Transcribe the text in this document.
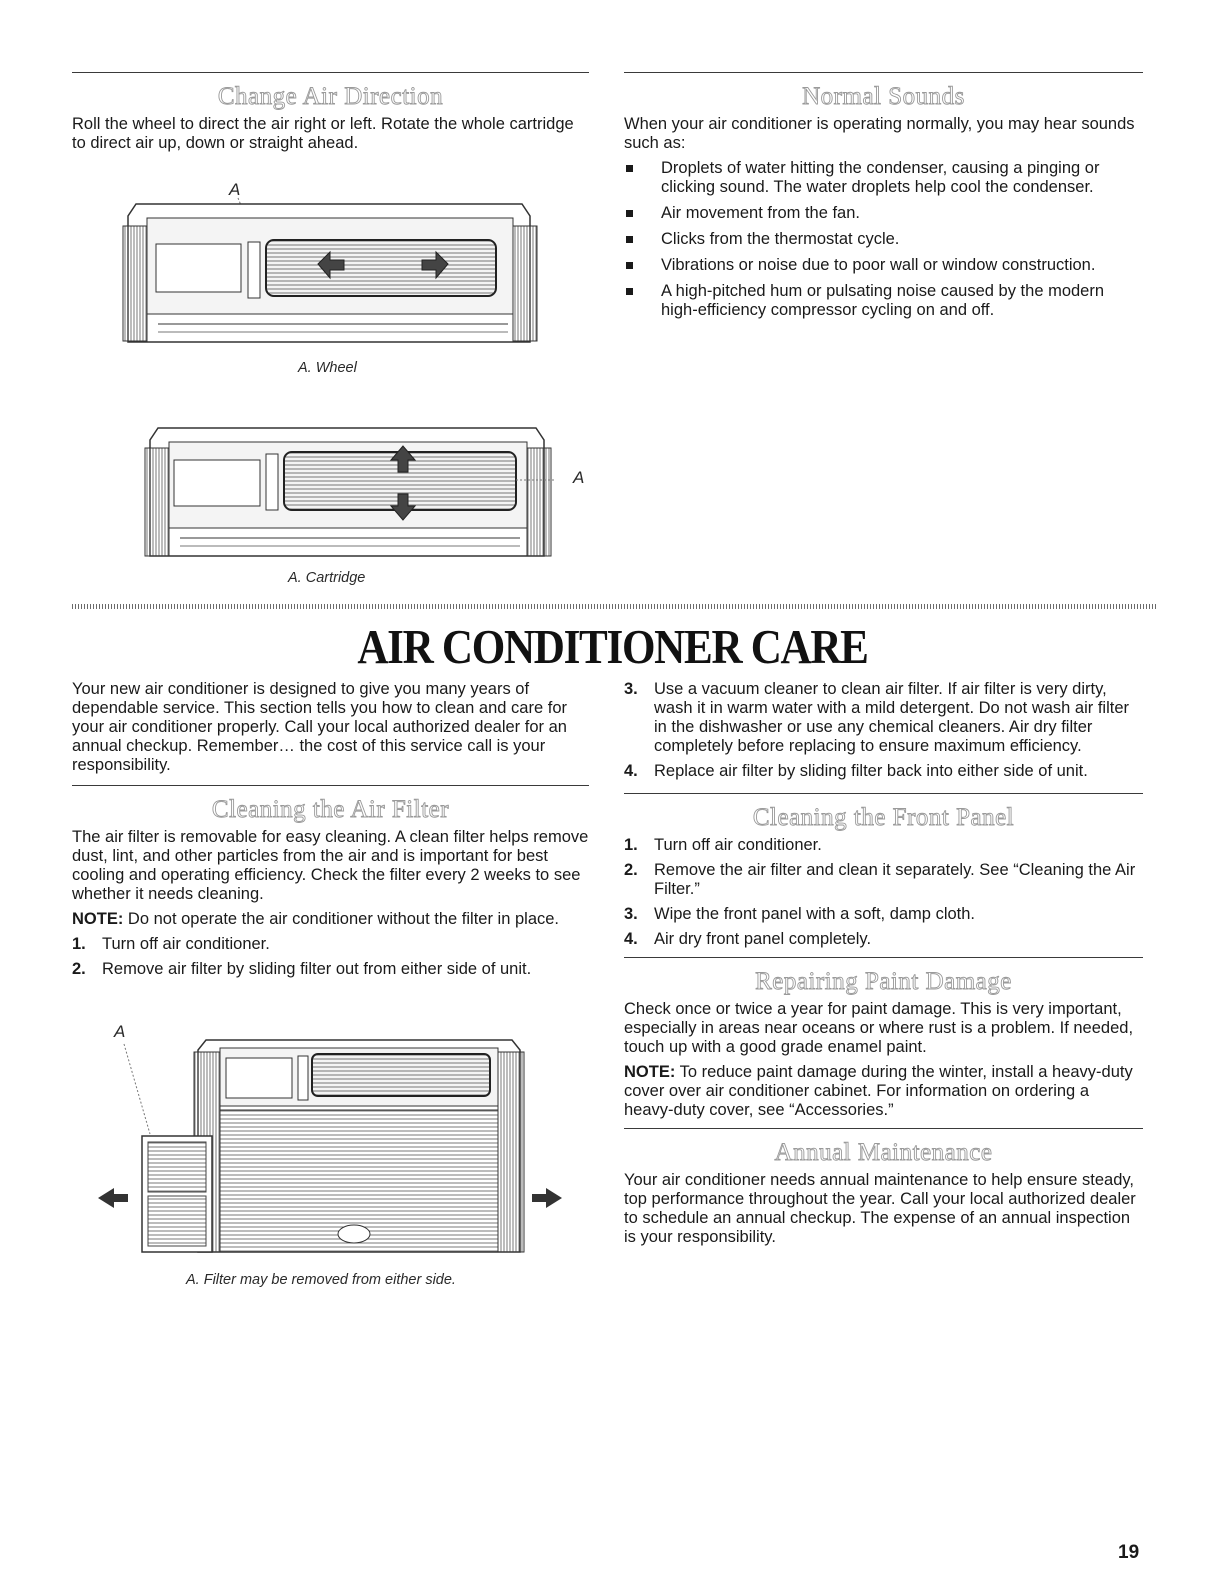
Change Air Direction

Roll the wheel to direct the air right or left. Rotate the whole cartridge to direct air up, down or straight ahead.

A
A. Wheel
A
A. Cartridge
Normal Sounds

When your air conditioner is operating normally, you may hear sounds such as:

Droplets of water hitting the condenser, causing a pinging or clicking sound. The water droplets help cool the condenser.
Air movement from the fan.
Clicks from the thermostat cycle.
Vibrations or noise due to poor wall or window construction.
A high-pitched hum or pulsating noise caused by the modern high-efficiency compressor cycling on and off.
AIR CONDITIONER CARE

Your new air conditioner is designed to give you many years of dependable service. This section tells you how to clean and care for your air conditioner properly. Call your local authorized dealer for an annual checkup. Remember… the cost of this service call is your responsibility.

Cleaning the Air Filter

The air filter is removable for easy cleaning. A clean filter helps remove dust, lint, and other particles from the air and is important for best cooling and operating efficiency. Check the filter every 2 weeks to see whether it needs cleaning.

NOTE: Do not operate the air conditioner without the filter in place.

1. Turn off air conditioner.
2. Remove air filter by sliding filter out from either side of unit.
A
A. Filter may be removed from either side.
3. Use a vacuum cleaner to clean air filter. If air filter is very dirty, wash it in warm water with a mild detergent. Do not wash air filter in the dishwasher or use any chemical cleaners. Air dry filter completely before replacing to ensure maximum efficiency.
4. Replace air filter by sliding filter back into either side of unit.
Cleaning the Front Panel
1. Turn off air conditioner.
2. Remove the air filter and clean it separately. See “Cleaning the Air Filter.”
3. Wipe the front panel with a soft, damp cloth.
4. Air dry front panel completely.
Repairing Paint Damage

Check once or twice a year for paint damage. This is very important, especially in areas near oceans or where rust is a problem. If needed, touch up with a good grade enamel paint.

NOTE: To reduce paint damage during the winter, install a heavy-duty cover over air conditioner cabinet. For information on ordering a heavy-duty cover, see “Accessories.”

Annual Maintenance

Your air conditioner needs annual maintenance to help ensure steady, top performance throughout the year. Call your local authorized dealer to schedule an annual checkup. The expense of an annual inspection is your responsibility.

19
